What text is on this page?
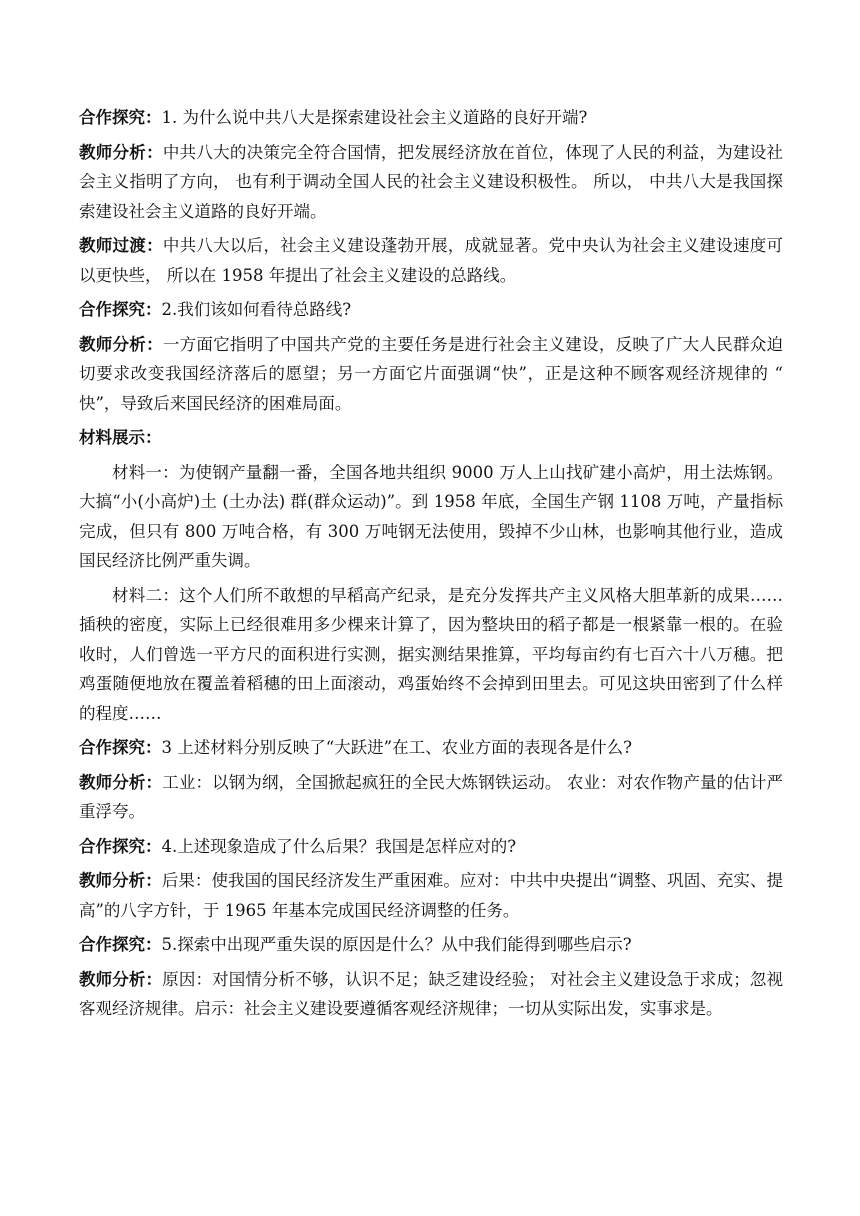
合作探究：1. 为什么说中共八大是探索建设社会主义道路的良好开端?

教师分析：中共八大的决策完全符合国情，把发展经济放在首位，体现了人民的利益，为建设社会主义指明了方向， 也有利于调动全国人民的社会主义建设积极性。 所以， 中共八大是我国探索建设社会主义道路的良好开端。

教师过渡：中共八大以后，社会主义建设蓬勃开展，成就显著。党中央认为社会主义建设速度可以更快些， 所以在 1958 年提出了社会主义建设的总路线。

合作探究：2.我们该如何看待总路线?

教师分析：一方面它指明了中国共产党的主要任务是进行社会主义建设，反映了广大人民群众迫切要求改变我国经济落后的愿望；另一方面它片面强调“快”，正是这种不顾客观经济规律的 “ 快”，导致后来国民经济的困难局面。

材料展示：

材料一：为使钢产量翻一番，全国各地共组织 9000 万人上山找矿建小高炉，用土法炼钢。大搞“小(小高炉)土 (土办法) 群(群众运动)”。到 1958 年底，全国生产钢 1108 万吨，产量指标完成，但只有 800 万吨合格，有 300 万吨钢无法使用，毁掉不少山林，也影响其他行业，造成国民经济比例严重失调。

材料二：这个人们所不敢想的早稻高产纪录，是充分发挥共产主义风格大胆革新的成果……插秧的密度，实际上已经很难用多少棵来计算了，因为整块田的稻子都是一根紧靠一根的。在验收时，人们曾选一平方尺的面积进行实测，据实测结果推算，平均每亩约有七百六十八万穗。把鸡蛋随便地放在覆盖着稻穗的田上面滚动，鸡蛋始终不会掉到田里去。可见这块田密到了什么样的程度……

合作探究：3 上述材料分别反映了“大跃进”在工、农业方面的表现各是什么?

教师分析：工业：以钢为纲，全国掀起疯狂的全民大炼钢铁运动。 农业：对农作物产量的估计严重浮夸。

合作探究：4.上述现象造成了什么后果？我国是怎样应对的?

教师分析：后果：使我国的国民经济发生严重困难。应对：中共中央提出“调整、巩固、充实、提高”的八字方针，于 1965 年基本完成国民经济调整的任务。

合作探究：5.探索中出现严重失误的原因是什么？从中我们能得到哪些启示?

教师分析：原因：对国情分析不够，认识不足；缺乏建设经验； 对社会主义建设急于求成；忽视客观经济规律。启示：社会主义建设要遵循客观经济规律；一切从实际出发，实事求是。
